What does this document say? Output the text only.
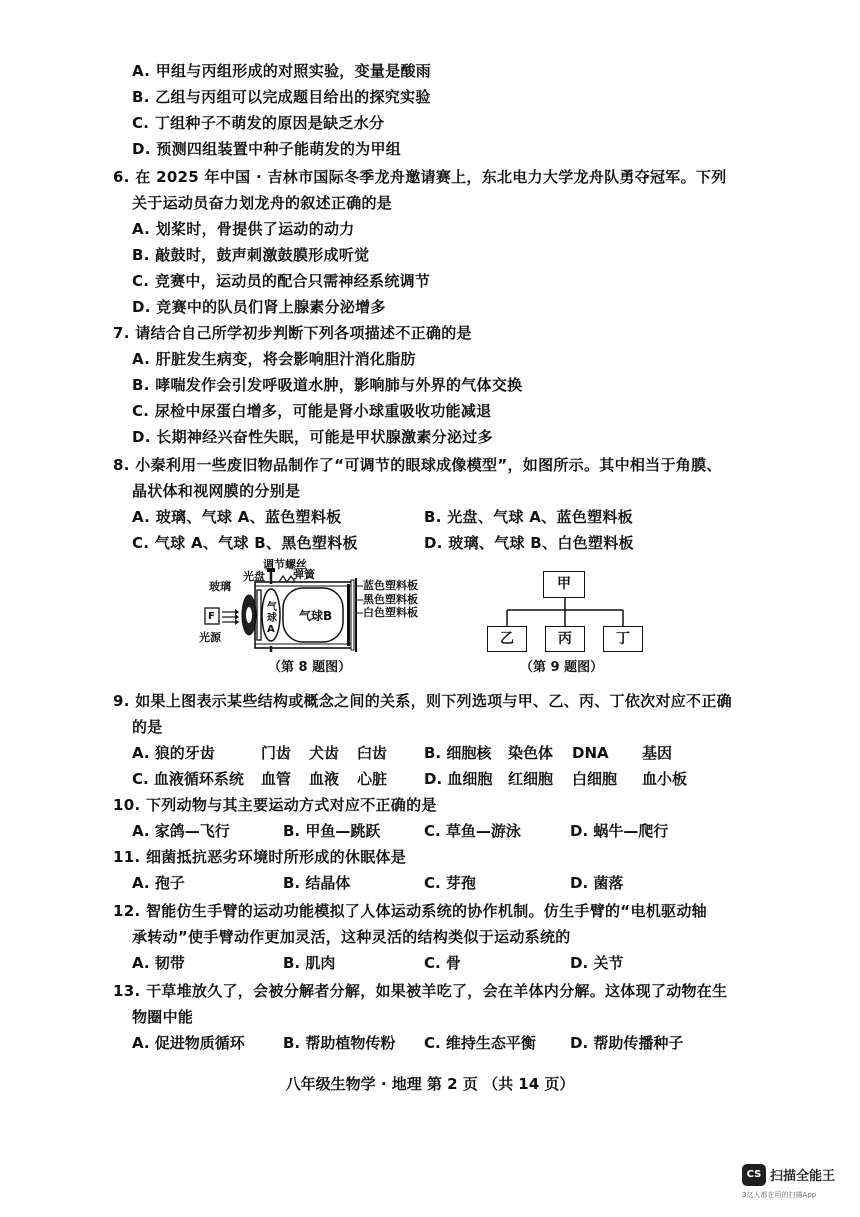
A. 甲组与丙组形成的对照实验，变量是酸雨
B. 乙组与丙组可以完成题目给出的探究实验
C. 丁组种子不萌发的原因是缺乏水分
D. 预测四组装置中种子能萌发的为甲组
6. 在 2025 年中国 · 吉林市国际冬季龙舟邀请赛上，东北电力大学龙舟队勇夺冠军。下列
关于运动员奋力划龙舟的叙述正确的是
A. 划桨时，骨提供了运动的动力
B. 敲鼓时，鼓声刺激鼓膜形成听觉
C. 竞赛中，运动员的配合只需神经系统调节
D. 竞赛中的队员们肾上腺素分泌增多
7. 请结合自己所学初步判断下列各项描述不正确的是
A. 肝脏发生病变，将会影响胆汁消化脂肪
B. 哮喘发作会引发呼吸道水肿，影响肺与外界的气体交换
C. 尿检中尿蛋白增多，可能是肾小球重吸收功能减退
D. 长期神经兴奋性失眠，可能是甲状腺激素分泌过多
8. 小秦利用一些废旧物品制作了“可调节的眼球成像模型”，如图所示。其中相当于角膜、
晶状体和视网膜的分别是
A. 玻璃、气球 A、蓝色塑料板	B. 光盘、气球 A、蓝色塑料板
C. 气球 A、气球 B、黑色塑料板	D. 玻璃、气球 B、白色塑料板
调节螺丝
光盘
玻璃
弹簧
气球A
气球B
F
光源
蓝色塑料板
黑色塑料板
白色塑料板
（第 8 题图）
甲
乙	丙	丁
（第 9 题图）
9. 如果上图表示某些结构或概念之间的关系，则下列选项与甲、乙、丙、丁依次对应不正确
的是
A. 狼的牙齿	门齿 犬齿 臼齿 B. 细胞核 染色体 DNA 基因
C. 血液循环系统 血管 血液 心脏 D. 血细胞 红细胞 白细胞 血小板
10. 下列动物与其主要运动方式对应不正确的是
A. 家鸽—飞行	B. 甲鱼—跳跃	C. 草鱼—游泳	D. 蜗牛—爬行
11. 细菌抵抗恶劣环境时所形成的休眠体是
A. 孢子	B. 结晶体	C. 芽孢	D. 菌落
12. 智能仿生手臂的运动功能模拟了人体运动系统的协作机制。仿生手臂的“电机驱动轴
承转动”使手臂动作更加灵活，这种灵活的结构类似于运动系统的
A. 韧带	B. 肌肉	C. 骨	D. 关节
13. 干草堆放久了，会被分解者分解，如果被羊吃了，会在羊体内分解。这体现了动物在生
物圈中能
A. 促进物质循环	B. 帮助植物传粉 C. 维持生态平衡 D. 帮助传播种子
八年级生物学 · 地理 第 2 页 （共 14 页）
CS 扫描全能王
3亿人都在用的扫描App
